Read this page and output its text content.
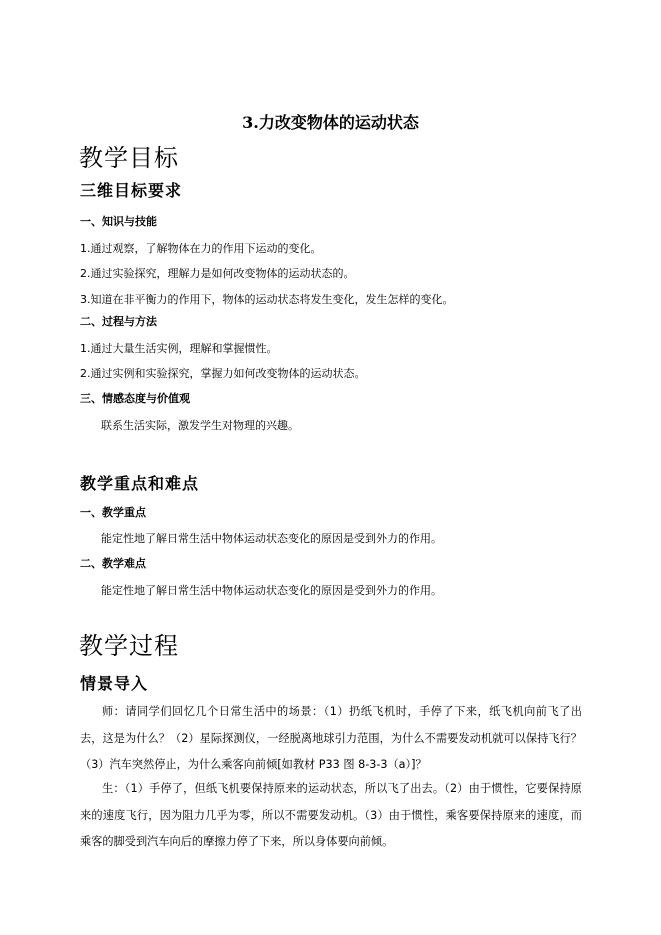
3.力改变物体的运动状态
教学目标
三维目标要求
一、知识与技能
1.通过观察，了解物体在力的作用下运动的变化。
2.通过实验探究，理解力是如何改变物体的运动状态的。
3.知道在非平衡力的作用下，物体的运动状态将发生变化，发生怎样的变化。
二、过程与方法
1.通过大量生活实例，理解和掌握惯性。
2.通过实例和实验探究，掌握力如何改变物体的运动状态。
三、情感态度与价值观
联系生活实际，激发学生对物理的兴趣。
教学重点和难点
一、教学重点
能定性地了解日常生活中物体运动状态变化的原因是受到外力的作用。
二、教学难点
能定性地了解日常生活中物体运动状态变化的原因是受到外力的作用。
教学过程
情景导入
师：请同学们回忆几个日常生活中的场景：（1）扔纸飞机时，手停了下来，纸飞机向前飞了出去，这是为什么？（2）星际探测仪，一经脱离地球引力范围，为什么不需要发动机就可以保持飞行？（3）汽车突然停止，为什么乘客向前倾[如教材 P33 图 8-3-3（a）]？
生：（1）手停了，但纸飞机要保持原来的运动状态，所以飞了出去。（2）由于惯性，它要保持原来的速度飞行，因为阻力几乎为零，所以不需要发动机。（3）由于惯性，乘客要保持原来的速度，而乘客的脚受到汽车向后的摩擦力停了下来，所以身体要向前倾。
